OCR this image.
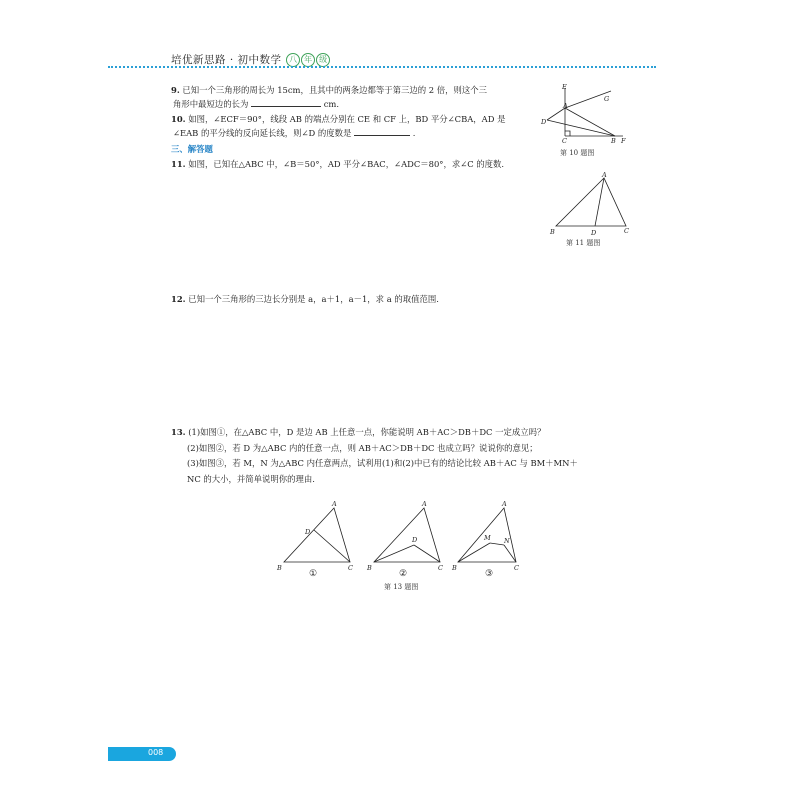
培优新思路 · 初中数学 八 年 级
9. 已知一个三角形的周长为 15cm，且其中的两条边都等于第三边的 2 倍，则这个三
角形中最短边的长为	cm.
10. 如图，∠ECF＝90°，线段 AB 的端点分别在 CE 和 CF 上，BD 平分∠CBA，AD 是
∠EAB 的平分线的反向延长线，则∠D 的度数是	.
三、解答题
11. 如图，已知在△ABC 中，∠B＝50°，AD 平分∠BAC，∠ADC＝80°，求∠C 的度数.
E
G
A
D
C	B F
第 10 题图
A
B	D	C
第 11 题图
12. 已知一个三角形的三边长分别是 a，a＋1，a－1，求 a 的取值范围.
13. (1)如图①，在△ABC 中，D 是边 AB 上任意一点，你能说明 AB＋AC＞DB＋DC 一定成立吗？
(2)如图②，若 D 为△ABC 内的任意一点，则 AB＋AC＞DB＋DC 也成立吗？说说你的意见；
(3)如图③，若 M，N 为△ABC 内任意两点，试利用(1)和(2)中已有的结论比较 AB＋AC 与 BM＋MN＋
NC 的大小，并简单说明你的理由.
A
B	C
D
A
B	C
D
A
B	C
M N
①	②	③
第 13 题图
008
